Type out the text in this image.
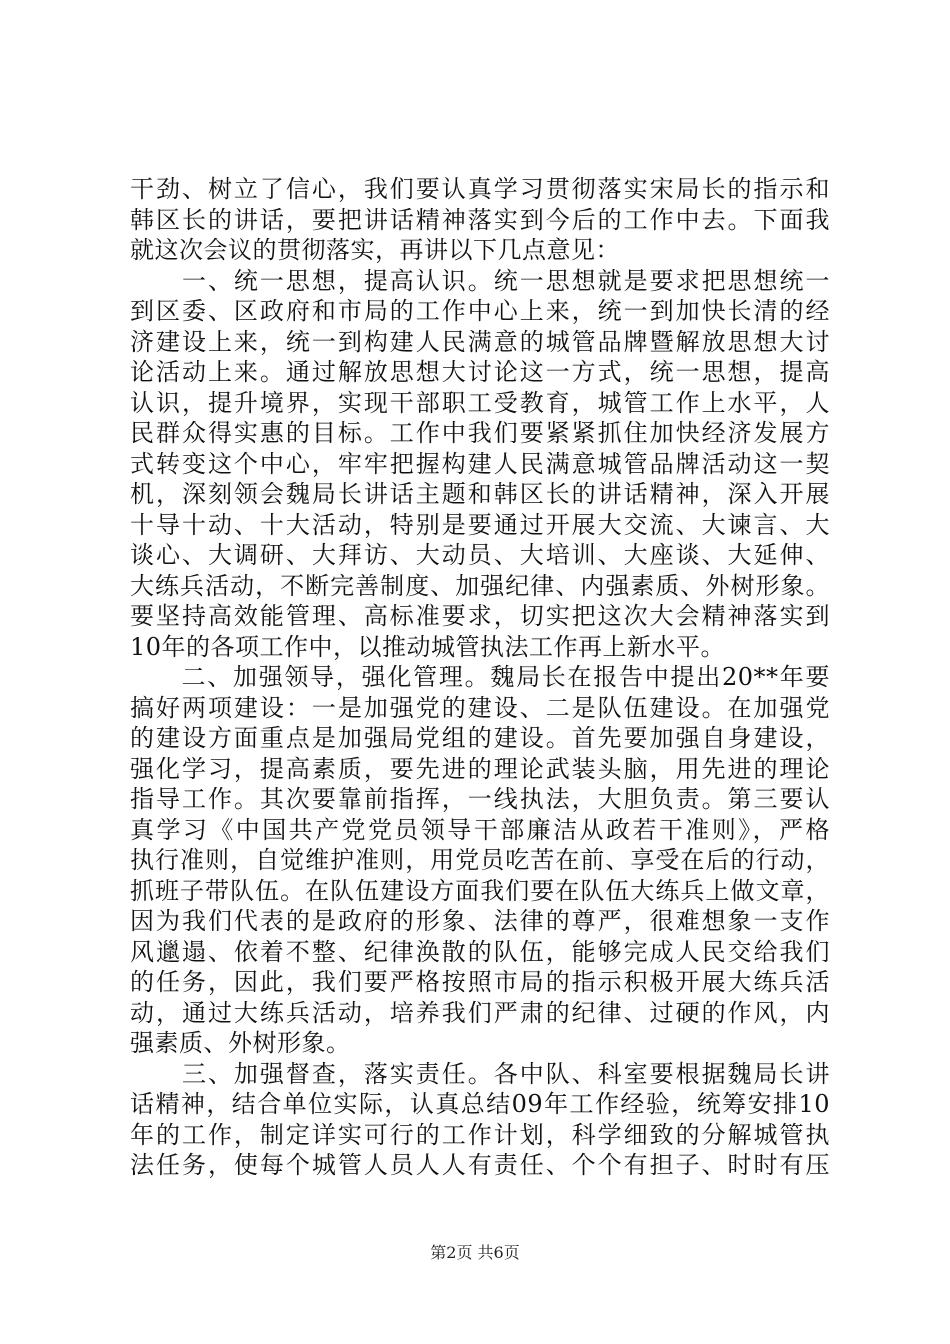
干劲、树立了信心，我们要认真学习贯彻落实宋局长的指示和
韩区长的讲话，要把讲话精神落实到今后的工作中去。下面我
就这次会议的贯彻落实，再讲以下几点意见：
　　一、统一思想，提高认识。统一思想就是要求把思想统一
到区委、区政府和市局的工作中心上来，统一到加快长清的经
济建设上来，统一到构建人民满意的城管品牌暨解放思想大讨
论活动上来。通过解放思想大讨论这一方式，统一思想，提高
认识，提升境界，实现干部职工受教育，城管工作上水平，人
民群众得实惠的目标。工作中我们要紧紧抓住加快经济发展方
式转变这个中心，牢牢把握构建人民满意城管品牌活动这一契
机，深刻领会魏局长讲话主题和韩区长的讲话精神，深入开展
十导十动、十大活动，特别是要通过开展大交流、大谏言、大
谈心、大调研、大拜访、大动员、大培训、大座谈、大延伸、
大练兵活动，不断完善制度、加强纪律、内强素质、外树形象。
要坚持高效能管理、高标准要求，切实把这次大会精神落实到
10年的各项工作中，以推动城管执法工作再上新水平。
　　二、加强领导，强化管理。魏局长在报告中提出20**年要
搞好两项建设：一是加强党的建设、二是队伍建设。在加强党
的建设方面重点是加强局党组的建设。首先要加强自身建设，
强化学习，提高素质，要先进的理论武装头脑，用先进的理论
指导工作。其次要靠前指挥，一线执法，大胆负责。第三要认
真学习《中国共产党党员领导干部廉洁从政若干准则》，严格
执行准则，自觉维护准则，用党员吃苦在前、享受在后的行动，
抓班子带队伍。在队伍建设方面我们要在队伍大练兵上做文章，
因为我们代表的是政府的形象、法律的尊严，很难想象一支作
风邋遢、依着不整、纪律涣散的队伍，能够完成人民交给我们
的任务，因此，我们要严格按照市局的指示积极开展大练兵活
动，通过大练兵活动，培养我们严肃的纪律、过硬的作风，内
强素质、外树形象。
　　三、加强督查，落实责任。各中队、科室要根据魏局长讲
话精神，结合单位实际，认真总结09年工作经验，统筹安排10
年的工作，制定详实可行的工作计划，科学细致的分解城管执
法任务，使每个城管人员人人有责任、个个有担子、时时有压
第2页 共6页
